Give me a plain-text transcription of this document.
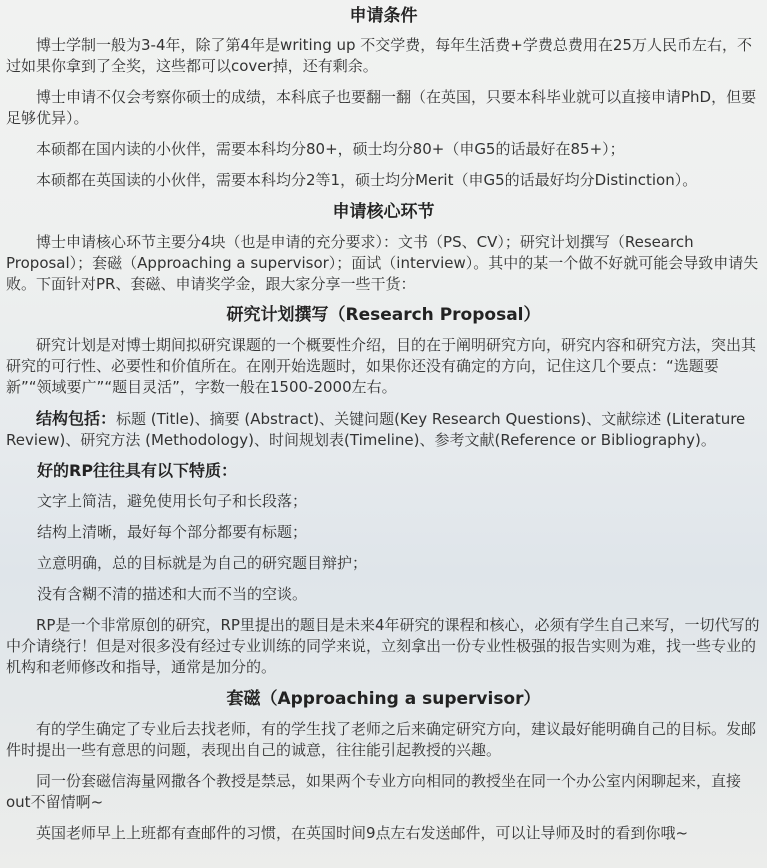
申请条件

博士学制一般为3-4年，除了第4年是writing up 不交学费，每年生活费+学费总费用在25万人民币左右，不过如果你拿到了全奖，这些都可以cover掉，还有剩余。

博士申请不仅会考察你硕士的成绩，本科底子也要翻一翻（在英国，只要本科毕业就可以直接申请PhD，但要足够优异）。

本硕都在国内读的小伙伴，需要本科均分80+，硕士均分80+（申G5的话最好在85+）；

本硕都在英国读的小伙伴，需要本科均分2等1，硕士均分Merit（申G5的话最好均分Distinction）。

申请核心环节

博士申请核心环节主要分4块（也是申请的充分要求）：文书（PS、CV）；研究计划撰写（Research Proposal）；套磁（Approaching a supervisor）；面试（interview）。其中的某一个做不好就可能会导致申请失败。下面针对PR、套磁、申请奖学金，跟大家分享一些干货：

研究计划撰写（Research Proposal）

研究计划是对博士期间拟研究课题的一个概要性介绍，目的在于阐明研究方向，研究内容和研究方法，突出其研究的可行性、必要性和价值所在。在刚开始选题时，如果你还没有确定的方向，记住这几个要点：“选题要新”“领域要广”“题目灵活”，字数一般在1500-2000左右。

结构包括：标题 (Title)、摘要 (Abstract)、关键问题(Key Research Questions)、文献综述 (Literature Review)、研究方法 (Methodology)、时间规划表(Timeline)、参考文献(Reference or Bibliography)。

好的RP往往具有以下特质：
文字上简洁，避免使用长句子和长段落；
结构上清晰，最好每个部分都要有标题；
立意明确，总的目标就是为自己的研究题目辩护；
没有含糊不清的描述和大而不当的空谈。

RP是一个非常原创的研究，RP里提出的题目是未来4年研究的课程和核心，必须有学生自己来写，一切代写的中介请绕行！但是对很多没有经过专业训练的同学来说，立刻拿出一份专业性极强的报告实则为难，找一些专业的机构和老师修改和指导，通常是加分的。

套磁（Approaching a supervisor）

有的学生确定了专业后去找老师，有的学生找了老师之后来确定研究方向，建议最好能明确自己的目标。发邮件时提出一些有意思的问题，表现出自己的诚意，往往能引起教授的兴趣。

同一份套磁信海量网撒各个教授是禁忌，如果两个专业方向相同的教授坐在同一个办公室内闲聊起来，直接out不留情啊~

英国老师早上上班都有查邮件的习惯，在英国时间9点左右发送邮件，可以让导师及时的看到你哦~
